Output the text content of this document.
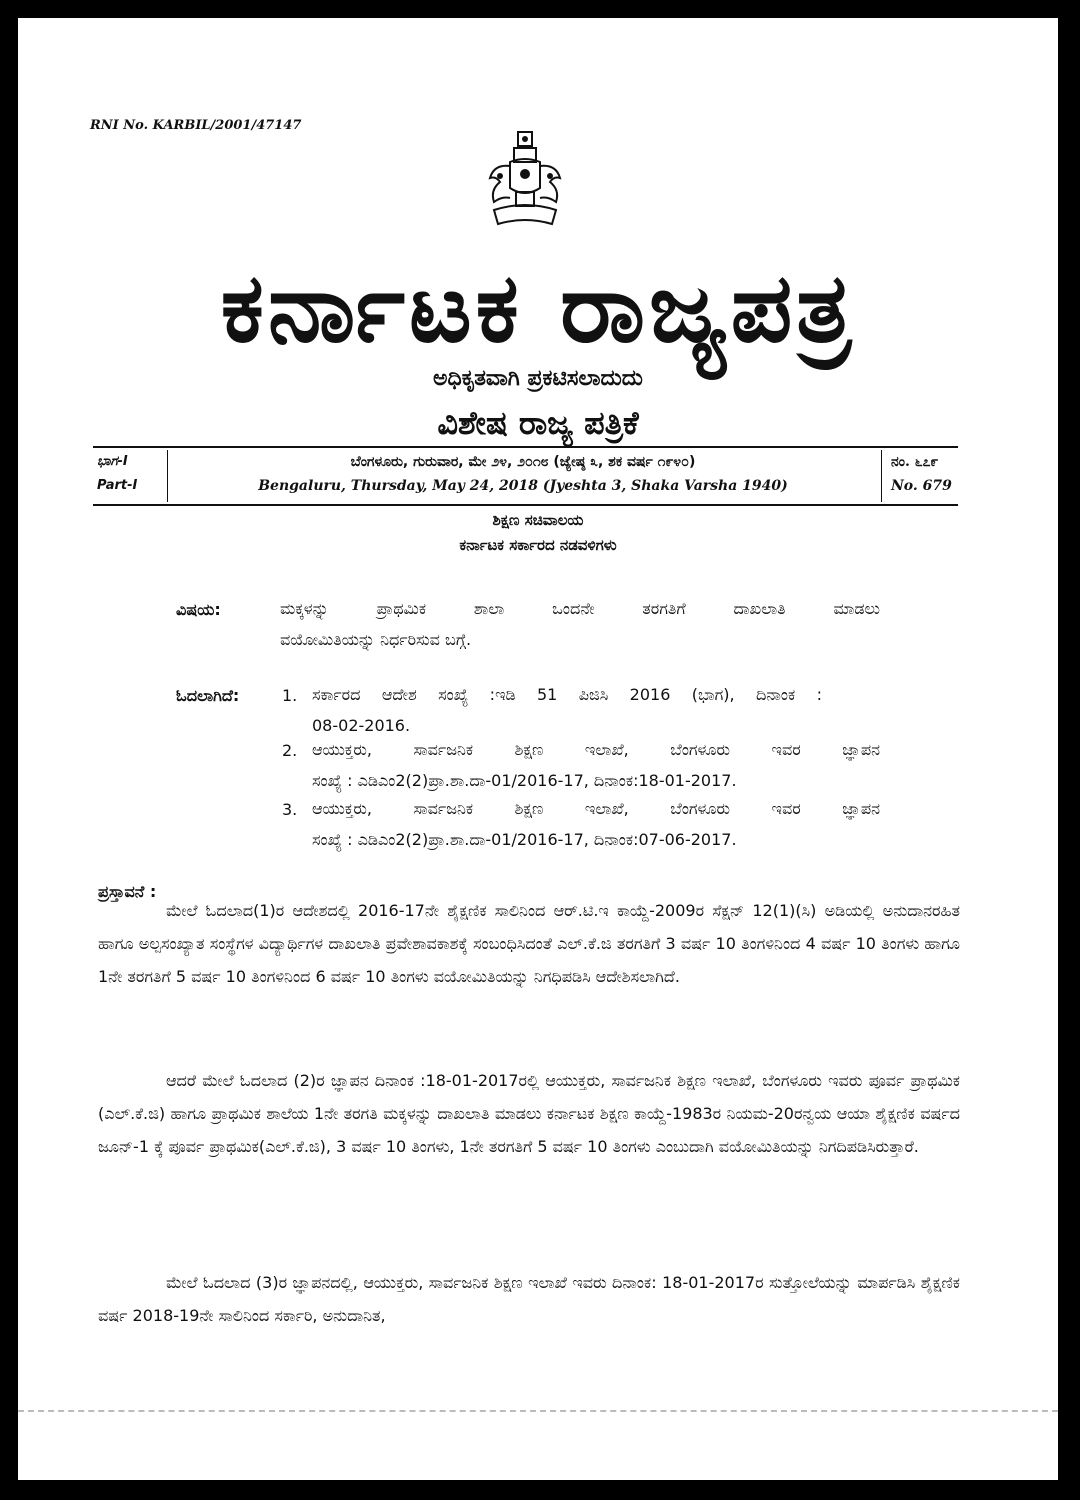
RNI No. KARBIL/2001/47147
ಕರ್ನಾಟಕ ರಾಜ್ಯಪತ್ರ
ಅಧಿಕೃತವಾಗಿ ಪ್ರಕಟಿಸಲಾದುದು
ವಿಶೇಷ ರಾಜ್ಯ ಪತ್ರಿಕೆ
ಭಾಗ-I
Part-I
ಬೆಂಗಳೂರು, ಗುರುವಾರ, ಮೇ ೨೪, ೨೦೧೮ (ಜ್ಯೇಷ್ಠ ೩, ಶಕ ವರ್ಷ ೧೯೪೦)
Bengaluru, Thursday, May 24, 2018 (Jyeshta 3, Shaka Varsha 1940)
ನಂ. ೬೭೯
No. 679
ಶಿಕ್ಷಣ ಸಚಿವಾಲಯ
ಕರ್ನಾಟಕ ಸರ್ಕಾರದ ನಡವಳಿಗಳು
ವಿಷಯ:	ಮಕ್ಕಳನ್ನು ಪ್ರಾಥಮಿಕ ಶಾಲಾ ಒಂದನೇ ತರಗತಿಗೆ ದಾಖಲಾತಿ ಮಾಡಲು
ವಯೋಮಿತಿಯನ್ನು ನಿರ್ಧರಿಸುವ ಬಗ್ಗೆ.
ಓದಲಾಗಿದೆ:	1. ಸರ್ಕಾರದ ಆದೇಶ ಸಂಖ್ಯೆ :ಇಡಿ 51 ಪಿಜಿಸಿ 2016 (ಭಾಗ), ದಿನಾಂಕ :
08-02-2016.
2. ಆಯುಕ್ತರು, ಸಾರ್ವಜನಿಕ ಶಿಕ್ಷಣ ಇಲಾಖೆ, ಬೆಂಗಳೂರು ಇವರ ಜ್ಞಾಪನ
ಸಂಖ್ಯೆ : ಎಡಿಎಂ2(2)ಪ್ರಾ.ಶಾ.ದಾ-01/2016-17, ದಿನಾಂಕ:18-01-2017.
3. ಆಯುಕ್ತರು, ಸಾರ್ವಜನಿಕ ಶಿಕ್ಷಣ ಇಲಾಖೆ, ಬೆಂಗಳೂರು ಇವರ ಜ್ಞಾಪನ
ಸಂಖ್ಯೆ : ಎಡಿಎಂ2(2)ಪ್ರಾ.ಶಾ.ದಾ-01/2016-17, ದಿನಾಂಕ:07-06-2017.
ಪ್ರಸ್ತಾವನೆ :
ಮೇಲೆ ಓದಲಾದ(1)ರ ಆದೇಶದಲ್ಲಿ 2016-17ನೇ ಶೈಕ್ಷಣಿಕ ಸಾಲಿನಿಂದ ಆರ್.ಟಿ.ಇ ಕಾಯ್ದೆ-2009ರ ಸೆಕ್ಷನ್ 12(1)(ಸಿ) ಅಡಿಯಲ್ಲಿ ಅನುದಾನರಹಿತ ಹಾಗೂ ಅಲ್ಪಸಂಖ್ಯಾತ ಸಂಸ್ಥೆಗಳ ವಿದ್ಯಾರ್ಥಿಗಳ ದಾಖಲಾತಿ ಪ್ರವೇಶಾವಕಾಶಕ್ಕೆ ಸಂಬಂಧಿಸಿದಂತೆ ಎಲ್.ಕೆ.ಜಿ ತರಗತಿಗೆ 3 ವರ್ಷ 10 ತಿಂಗಳಿನಿಂದ 4 ವರ್ಷ 10 ತಿಂಗಳು ಹಾಗೂ 1ನೇ ತರಗತಿಗೆ 5 ವರ್ಷ 10 ತಿಂಗಳಿನಿಂದ 6 ವರ್ಷ 10 ತಿಂಗಳು ವಯೋಮಿತಿಯನ್ನು ನಿಗಧಿಪಡಿಸಿ ಆದೇಶಿಸಲಾಗಿದೆ.
ಆದರೆ ಮೇಲೆ ಓದಲಾದ (2)ರ ಜ್ಞಾಪನ ದಿನಾಂಕ :18-01-2017ರಲ್ಲಿ ಆಯುಕ್ತರು, ಸಾರ್ವಜನಿಕ ಶಿಕ್ಷಣ ಇಲಾಖೆ, ಬೆಂಗಳೂರು ಇವರು ಪೂರ್ವ ಪ್ರಾಥಮಿಕ (ಎಲ್.ಕೆ.ಜಿ) ಹಾಗೂ ಪ್ರಾಥಮಿಕ ಶಾಲೆಯ 1ನೇ ತರಗತಿ ಮಕ್ಕಳನ್ನು ದಾಖಲಾತಿ ಮಾಡಲು ಕರ್ನಾಟಕ ಶಿಕ್ಷಣ ಕಾಯ್ದೆ-1983ರ ನಿಯಮ-20ರನ್ವಯ ಆಯಾ ಶೈಕ್ಷಣಿಕ ವರ್ಷದ ಜೂನ್-1 ಕ್ಕೆ ಪೂರ್ವ ಪ್ರಾಥಮಿಕ(ಎಲ್.ಕೆ.ಜಿ), 3 ವರ್ಷ 10 ತಿಂಗಳು, 1ನೇ ತರಗತಿಗೆ 5 ವರ್ಷ 10 ತಿಂಗಳು ಎಂಬುದಾಗಿ ವಯೋಮಿತಿಯನ್ನು ನಿಗದಿಪಡಿಸಿರುತ್ತಾರೆ.
ಮೇಲೆ ಓದಲಾದ (3)ರ ಜ್ಞಾಪನದಲ್ಲಿ, ಆಯುಕ್ತರು, ಸಾರ್ವಜನಿಕ ಶಿಕ್ಷಣ ಇಲಾಖೆ ಇವರು ದಿನಾಂಕ: 18-01-2017ರ ಸುತ್ತೋಲೆಯನ್ನು ಮಾರ್ಪಡಿಸಿ ಶೈಕ್ಷಣಿಕ ವರ್ಷ 2018-19ನೇ ಸಾಲಿನಿಂದ ಸರ್ಕಾರಿ, ಅನುದಾನಿತ,
